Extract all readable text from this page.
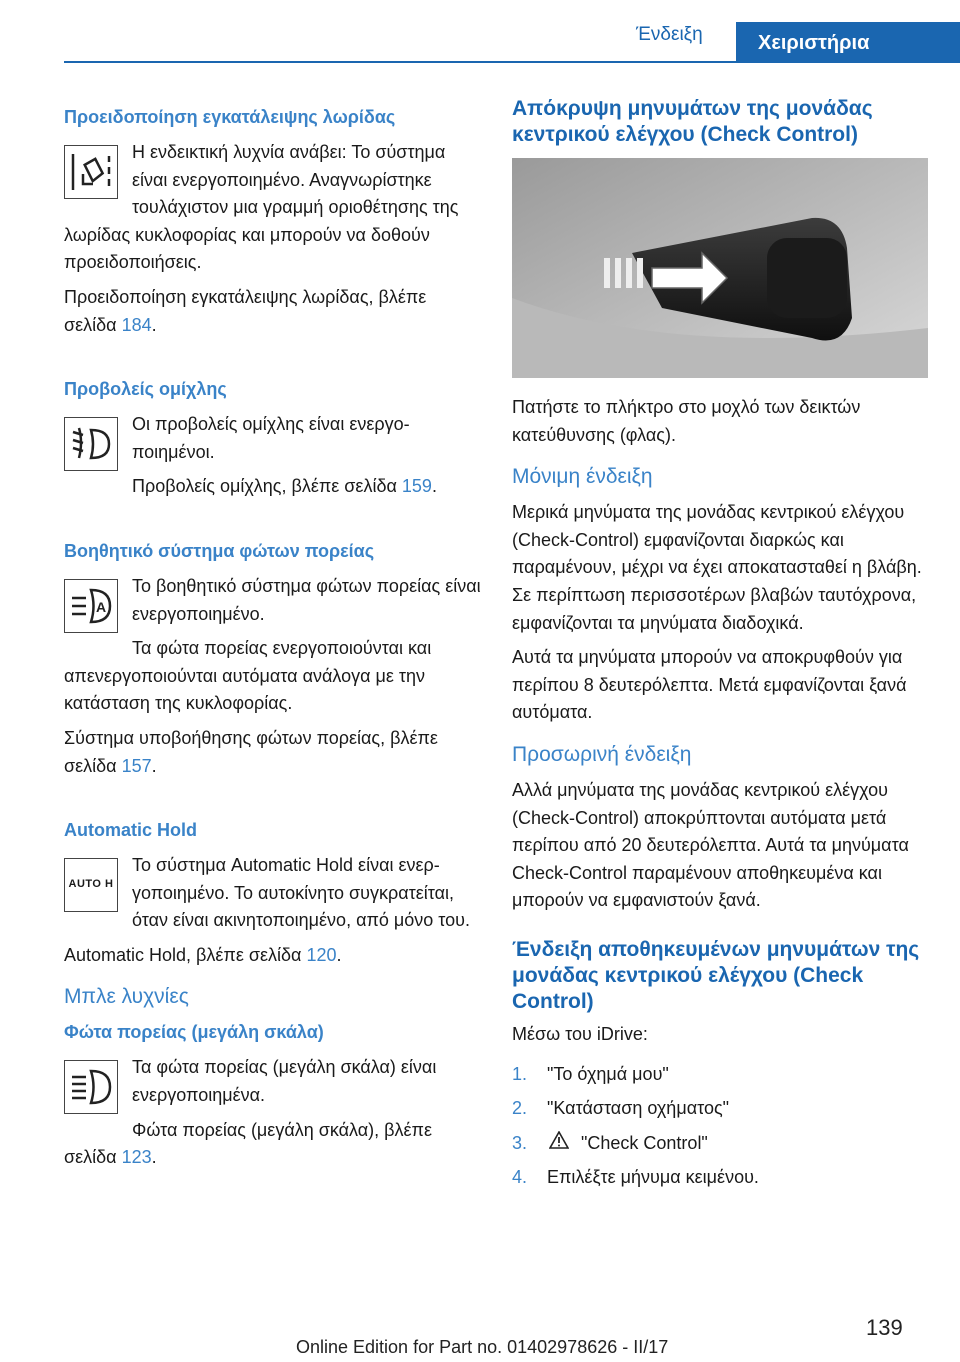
Ένδειξη	Χειριστήρια
Προειδοποίηση εγκατάλειψης λωρίδας

Η ενδεικτική λυχνία ανάβει: Το σύστημα είναι ενεργοποιημένο. Αναγνωρίστηκε τουλάχιστον μια γραμμή οριοθέτησης της λωρίδας κυκλοφορίας και μπορούν να δοθούν προειδοποιήσεις.

Προειδοποίηση εγκατάλειψης λωρίδας, βλέπε σελίδα 184.

Προβολείς ομίχλης

Οι προβολείς ομίχλης είναι ενεργοποιημένοι.

Προβολείς ομίχλης, βλέπε σελίδα 159.

Βοηθητικό σύστημα φώτων πορείας
A

Το βοηθητικό σύστημα φώτων πορείας είναι ενεργοποιημένο.

Τα φώτα πορείας ενεργοποιούνται και απενεργοποιούνται αυτόματα ανάλογα με την κατάσταση της κυκλοφορίας.

Σύστημα υποβοήθησης φώτων πορείας, βλέπε σελίδα 157.

Automatic Hold
AUTO H

Το σύστημα Automatic Hold είναι ενεργοποιημένο. Το αυτοκίνητο συγκρατείται, όταν είναι ακινητοποιημένο, από μόνο του.

Automatic Hold, βλέπε σελίδα 120.

Μπλε λυχνίες
Φώτα πορείας (μεγάλη σκάλα)

Τα φώτα πορείας (μεγάλη σκάλα) είναι ενεργοποιημένα.

Φώτα πορείας (μεγάλη σκάλα), βλέπε σελίδα 123.

Απόκρυψη μηνυμάτων της μονάδας κεντρικού ελέγχου (Check Control)

Πατήστε το πλήκτρο στο μοχλό των δεικτών κατεύθυνσης (φλας).

Μόνιμη ένδειξη

Μερικά μηνύματα της μονάδας κεντρικού ελέγχου (Check-Control) εμφανίζονται διαρκώς και παραμένουν, μέχρι να έχει αποκατασταθεί η βλάβη. Σε περίπτωση περισσοτέρων βλαβών ταυτόχρονα, εμφανίζονται τα μηνύματα διαδοχικά.

Αυτά τα μηνύματα μπορούν να αποκρυφθούν για περίπου 8 δευτερόλεπτα. Μετά εμφανίζονται ξανά αυτόματα.

Προσωρινή ένδειξη

Αλλά μηνύματα της μονάδας κεντρικού ελέγχου (Check-Control) αποκρύπτονται αυτόματα μετά περίπου από 20 δευτερόλεπτα. Αυτά τα μηνύματα Check-Control παραμένουν αποθηκευμένα και μπορούν να εμφανιστούν ξανά.

Ένδειξη αποθηκευμένων μηνυμάτων της μονάδας κεντρικού ελέγχου (Check Control)

Μέσω του iDrive:

1.	"Το όχημά μου"
2.	"Κατάσταση οχήματος"
3.	"Check Control"
4.	Επιλέξτε μήνυμα κειμένου.
139
Online Edition for Part no. 01402978626 - II/17
